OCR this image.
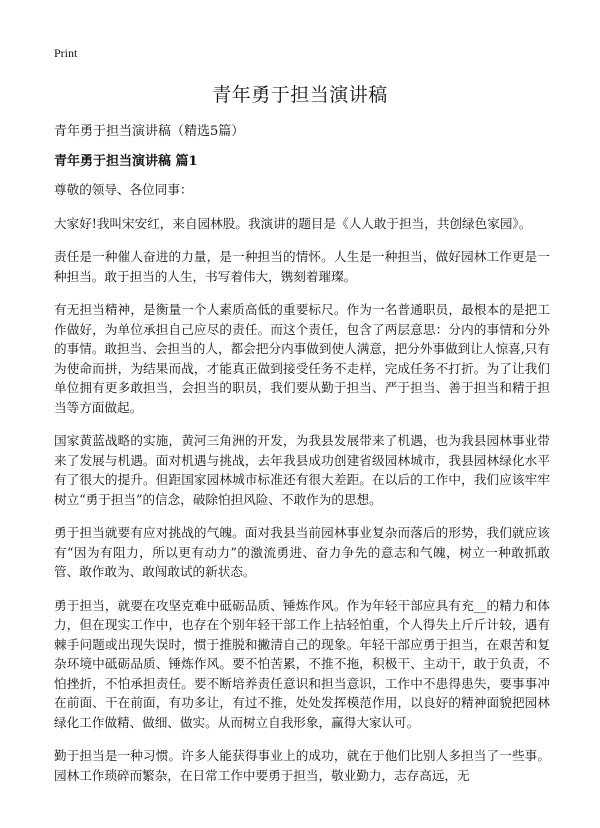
Print
青年勇于担当演讲稿

青年勇于担当演讲稿（精选5篇）

青年勇于担当演讲稿 篇1

尊敬的领导、各位同事：

大家好!我叫宋安红，来自园林股。我演讲的题目是《人人敢于担当，共创绿色家园》。

责任是一种催人奋进的力量，是一种担当的情怀。人生是一种担当，做好园林工作更是一种担当。敢于担当的人生，书写着伟大，镌刻着璀璨。

有无担当精神，是衡量一个人素质高低的重要标尺。作为一名普通职员，最根本的是把工作做好，为单位承担自己应尽的责任。而这个责任，包含了两层意思：分内的事情和分外的事情。敢担当、会担当的人，都会把分内事做到使人满意，把分外事做到让人惊喜,只有为使命而拼，为结果而战，才能真正做到接受任务不走样，完成任务不打折。为了让我们单位拥有更多敢担当，会担当的职员，我们要从勤于担当、严于担当、善于担当和精于担当等方面做起。

国家黄蓝战略的实施，黄河三角洲的开发，为我县发展带来了机遇，也为我县园林事业带来了发展与机遇。面对机遇与挑战，去年我县成功创建省级园林城市，我县园林绿化水平有了很大的提升。但距国家园林城市标准还有很大差距。在以后的工作中，我们应该牢牢树立“勇于担当”的信念，破除怕担风险、不敢作为的思想。

勇于担当就要有应对挑战的气魄。面对我县当前园林事业复杂而落后的形势，我们就应该有“因为有阻力，所以更有动力”的激流勇进、奋力争先的意志和气魄，树立一种敢抓敢管、敢作敢为、敢闯敢试的新状态。

勇于担当，就要在攻坚克难中砥砺品质、锤炼作风。作为年轻干部应具有充__的精力和体力，但在现实工作中，也存在个别年轻干部工作上拈轻怕重，个人得失上斤斤计较，遇有棘手问题或出现失误时，惯于推脱和撇清自己的现象。年轻干部应勇于担当，在艰苦和复杂环境中砥砺品质、锤炼作风。要不怕苦累，不推不拖，积极干、主动干，敢于负责，不怕挫折，不怕承担责任。要不断培养责任意识和担当意识，工作中不患得患失，要事事冲在前面、干在前面，有功多让，有过不推，处处发挥模范作用，以良好的精神面貌把园林绿化工作做精、做细、做实。从而树立自我形象，赢得大家认可。

勤于担当是一种习惯。许多人能获得事业上的成功，就在于他们比别人多担当了一些事。园林工作琐碎而繁杂，在日常工作中要勇于担当，敬业勤力，志存高远，无
